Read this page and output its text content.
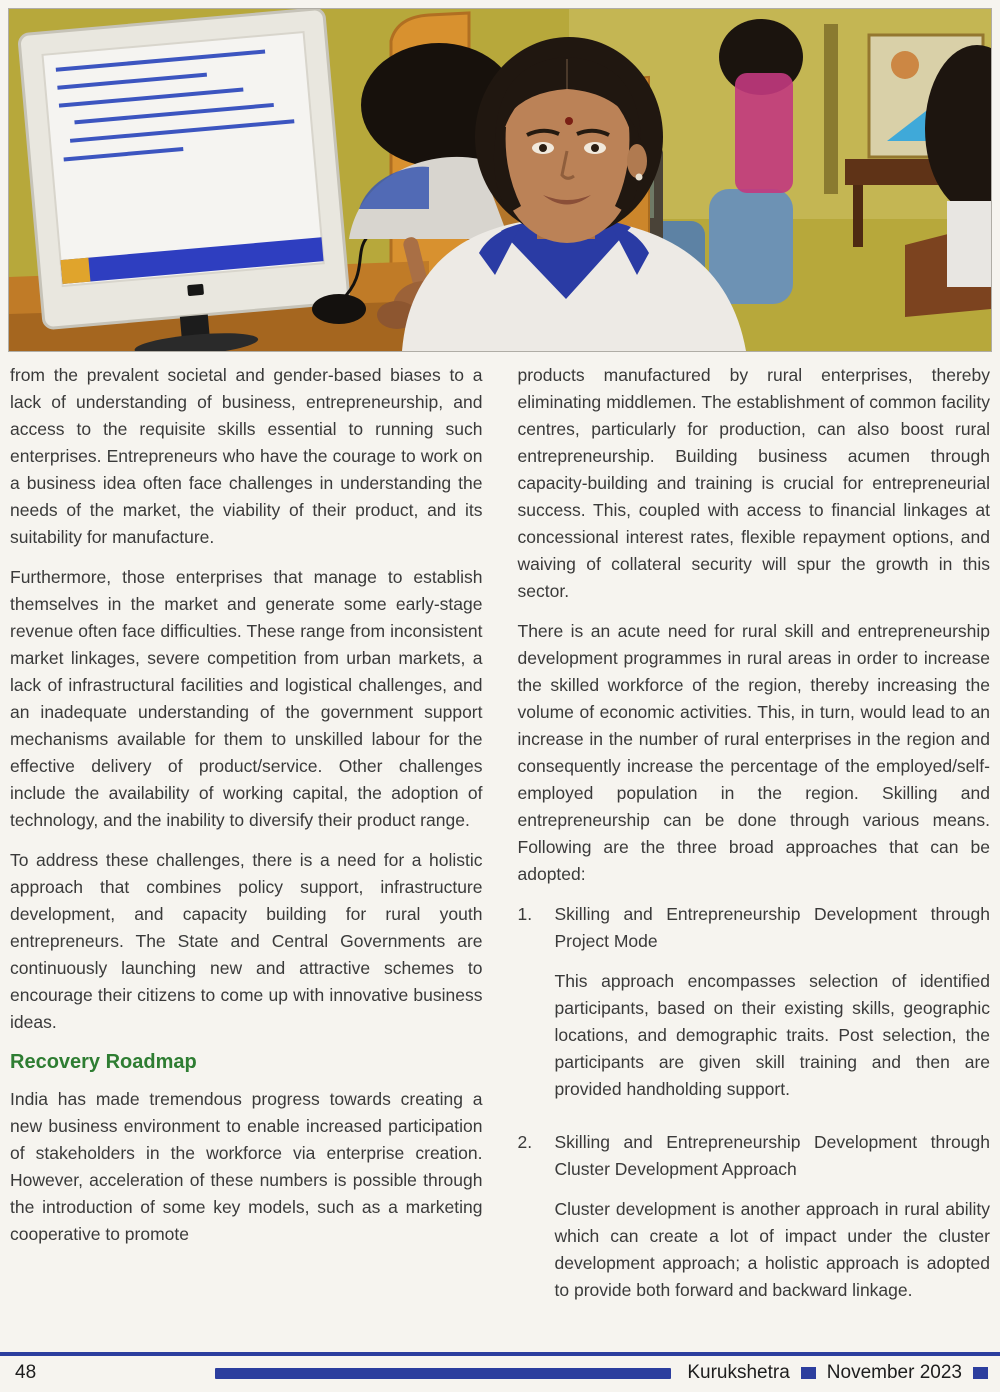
from the prevalent societal and gender-based biases to a lack of understanding of business, entrepreneurship, and access to the requisite skills essential to running such enterprises. Entrepreneurs who have the courage to work on a business idea often face challenges in understanding the needs of the market, the viability of their product, and its suitability for manufacture.

Furthermore, those enterprises that manage to establish themselves in the market and generate some early-stage revenue often face difficulties. These range from inconsistent market linkages, severe competition from urban markets, a lack of infrastructural facilities and logistical challenges, and an inadequate understanding of the government support mechanisms available for them to unskilled labour for the effective delivery of product/service. Other challenges include the availability of working capital, the adoption of technology, and the inability to diversify their product range.

To address these challenges, there is a need for a holistic approach that combines policy support, infrastructure development, and capacity building for rural youth entrepreneurs. The State and Central Governments are continuously launching new and attractive schemes to encourage their citizens to come up with innovative business ideas.

Recovery Roadmap

India has made tremendous progress towards creating a new business environment to enable increased participation of stakeholders in the workforce via enterprise creation. However, acceleration of these numbers is possible through the introduction of some key models, such as a marketing cooperative to promote

products manufactured by rural enterprises, thereby eliminating middlemen. The establishment of common facility centres, particularly for production, can also boost rural entrepreneurship. Building business acumen through capacity-building and training is crucial for entrepreneurial success. This, coupled with access to financial linkages at concessional interest rates, flexible repayment options, and waiving of collateral security will spur the growth in this sector.

There is an acute need for rural skill and entrepreneurship development programmes in rural areas in order to increase the skilled workforce of the region, thereby increasing the volume of economic activities. This, in turn, would lead to an increase in the number of rural enterprises in the region and consequently increase the percentage of the employed/self-employed population in the region. Skilling and entrepreneurship can be done through various means. Following are the three broad approaches that can be adopted:

1.	Skilling and Entrepreneurship Development through Project Mode

This approach encompasses selection of identified participants, based on their existing skills, geographic locations, and demographic traits. Post selection, the participants are given skill training and then are provided handholding support.

2.	Skilling and Entrepreneurship Development through Cluster Development Approach

Cluster development is another approach in rural ability which can create a lot of impact under the cluster development approach; a holistic approach is adopted to provide both forward and backward linkage.

48	Kurukshetra November 2023
